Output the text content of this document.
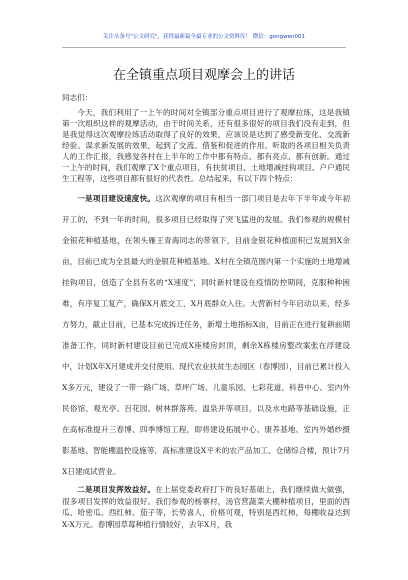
关注头条号"公文研究"，获得最新最全最专业的公文资料库！ 微信：gongwen001
在全镇重点项目观摩会上的讲话

同志们：

今天，我们利用了一上午的时间对全镇部分重点项目进行了观摩拉练，这是我镇第一次组织这样的观摩活动，由于时间关系，还有很多很好的项目我们没有走到，但是我觉得这次观摩拉练活动取得了良好的效果，应该说是达到了感受新变化、交流新经验、谋求新发展的效果，起到了交流、借鉴和促进的作用。听取的各项目相关负责人的工作汇报，我感觉各村在上半年的工作中都有特点、都有亮点、都有创新。通过一上午的时间，我们观摩了X个重点项目，有扶贫项目、土地增减挂钩项目、户户通民生工程等，这些项目都有很好的代表性。总结起来，有以下四个特点：

一是项目建设速度快。这次观摩的项目有相当一部门项目是去年下半年或今年初开工的，不到一年的时间，很多项目已经取得了突飞猛进的发展。我们参观的规模村金银花种植基地，在领头雁王青海同志的带领下，目前金银花种植面积已发展到X余亩，目前已成为全县最大的金银花种植基地。X村在全镇范围内第一个实施的土地增减挂钩项目，创造了全县有名的“X速度”，同时新村建设在疫情防控期间，克服种种困难，有序复工复产，确保X月底交工，X月底群众入住。大营新村今年启动以来，经多方努力，截止目前，已基本完成拆迁任务，新增土地指标X亩，目前正在进行复耕前期准备工作，同时新村建设目前已完成X座楼房封顶，剩余X栋楼房整改案张在浮建设中，计划X年X月建成并交付使用。现代农业扶贫生态园区（春博园），目前已累计投入X多万元，建设了一带一路广场、草坪广场、儿童乐园、七彩花道、科普中心、室内外民俗馆、观光亭、百花园、树林群落苑、温泉并等项目，以及水电路等基础设施，正在高标准提升三春博、四季博馆工程，即将建设拓展中心、康养基地、室内外婚纱摄影基地、智能棚温控设施等，高标准建设X平米的农产品加工、仓储综合楼，预计7月X日建成试营业。

二是项目发挥效益好。在上届党委政府打下的良好基础上，我们继续做大做强，很多项目发挥的效益很好。我们参观的杨寨村，汤官营蔬菜大棚种植项目，里面的西瓜、哈密瓜、西红柿、茄子等，长势喜人，价格可观，特别是西红柿，每棚收益达到X-X万元。春博园草莓种植行情较好，去年X月，我
